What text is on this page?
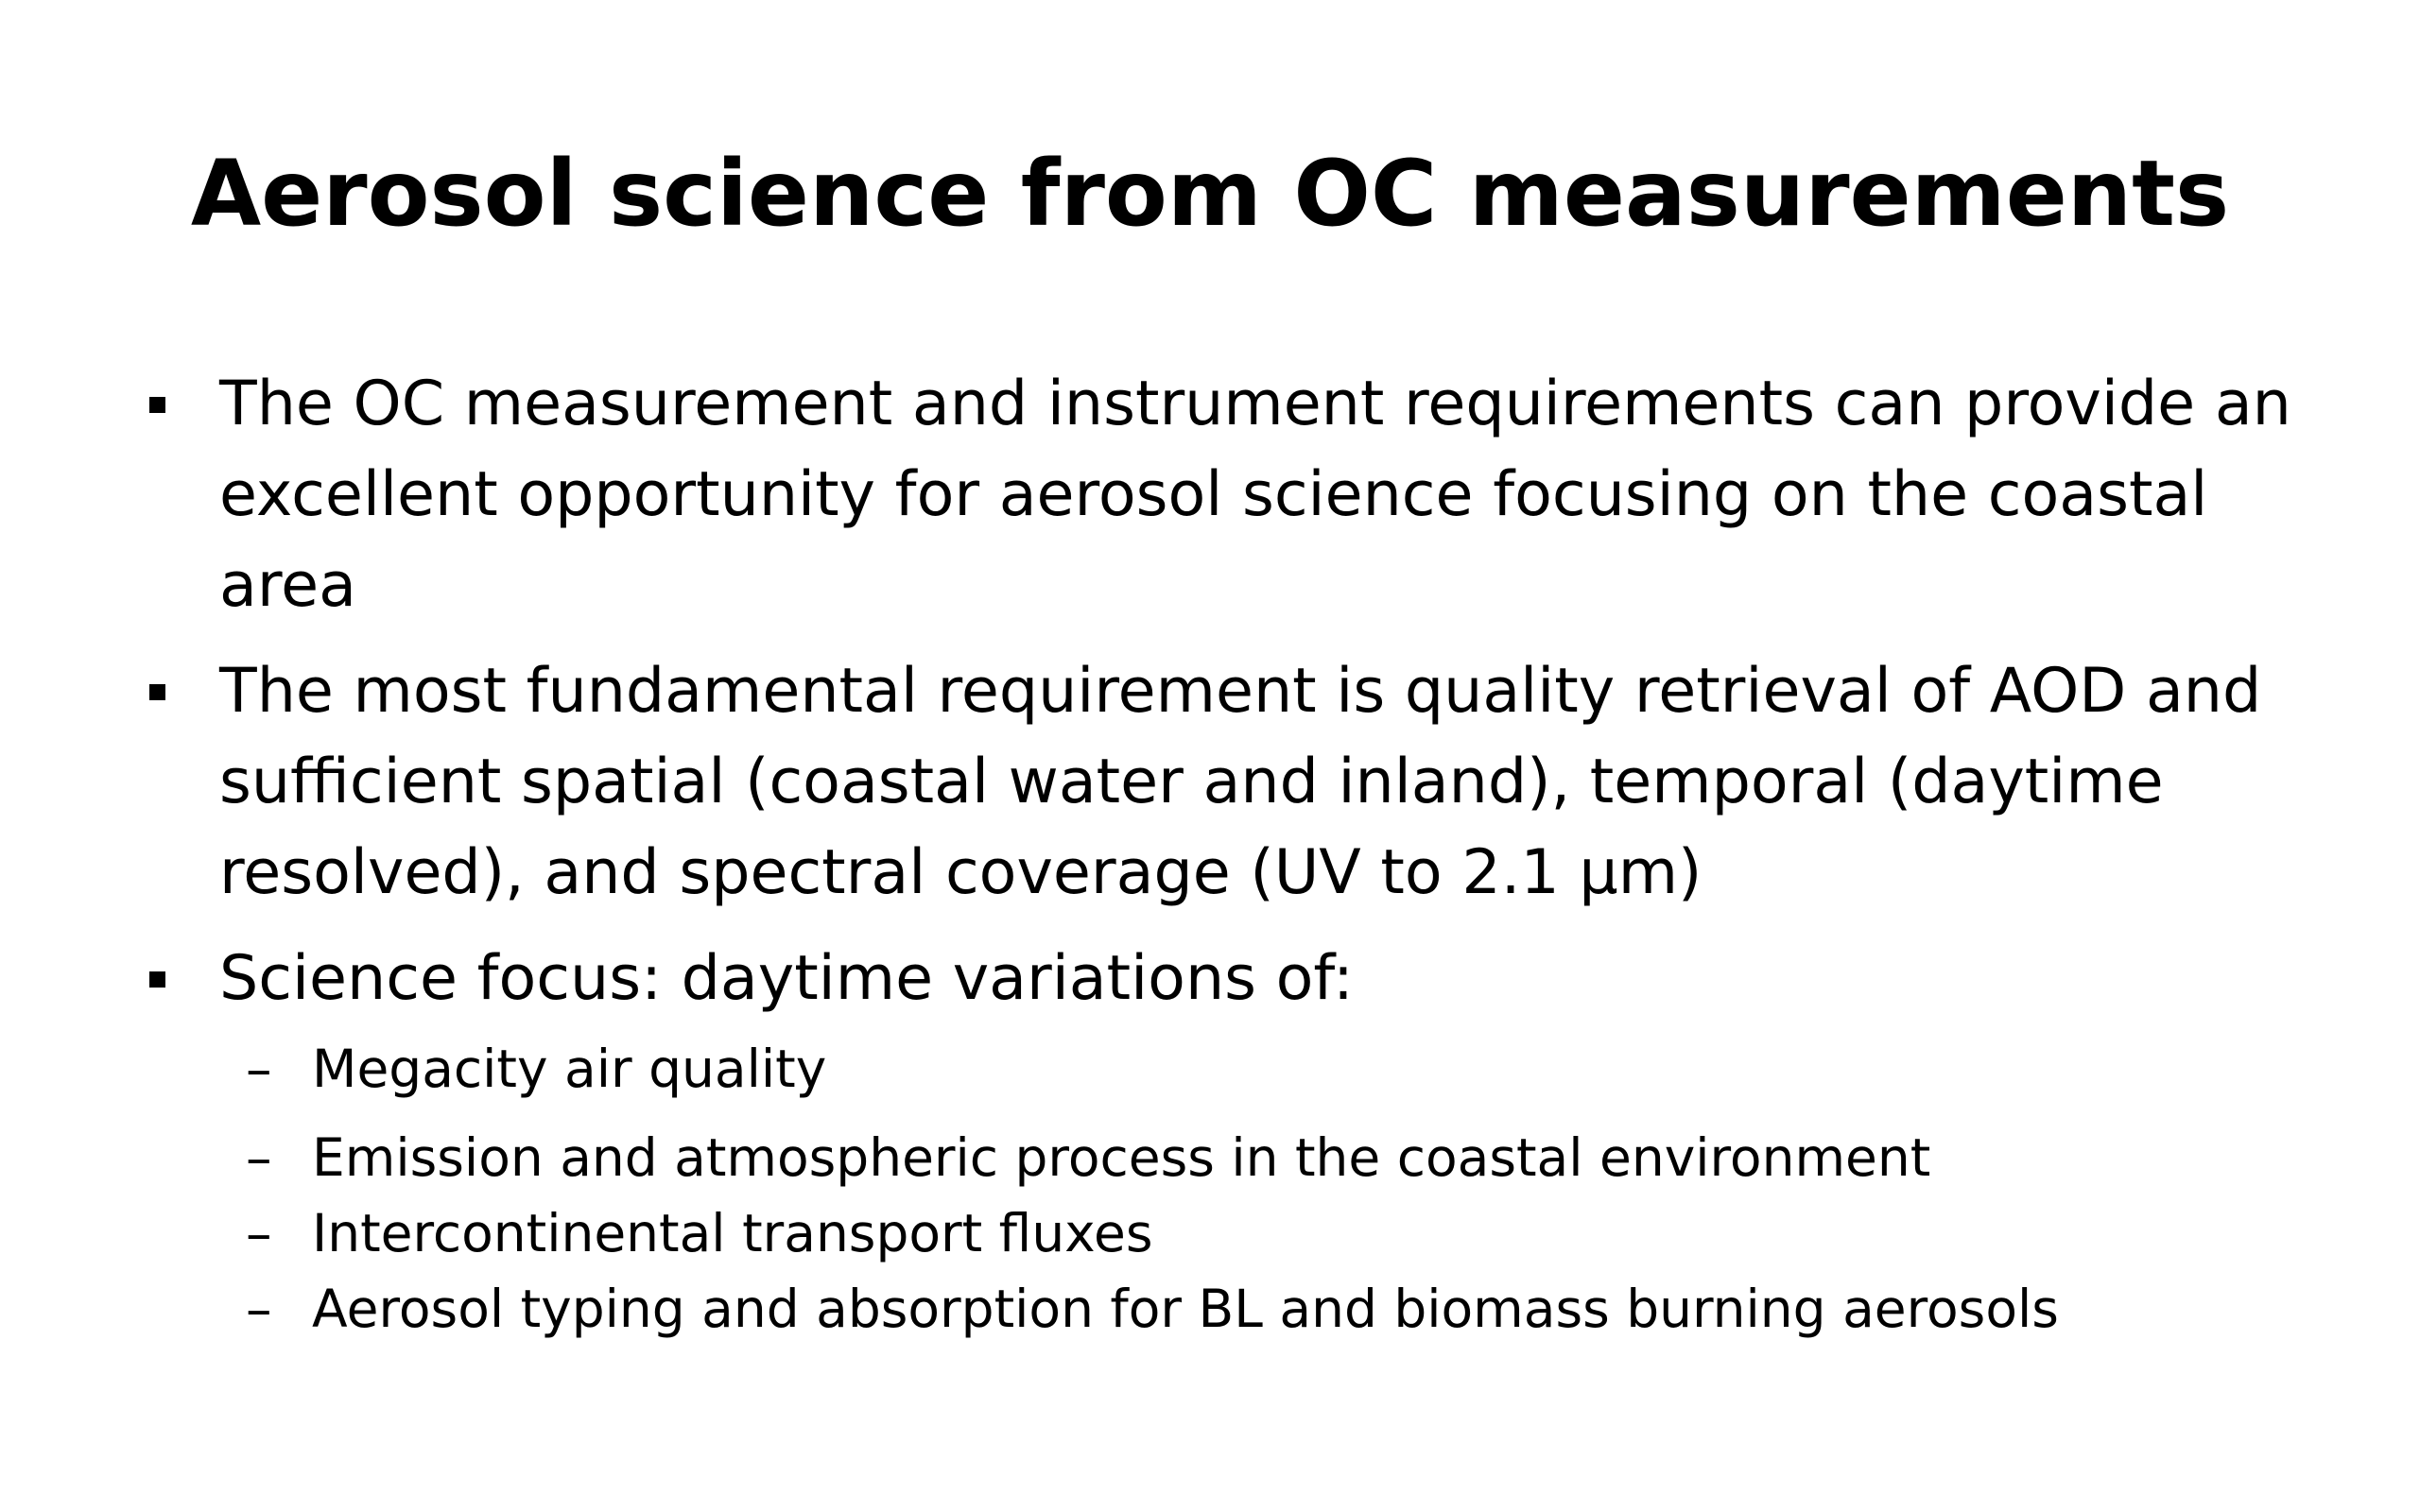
Aerosol science from OC measurements
The OC measurement and instrument requirements can provide an excellent opportunity for aerosol science focusing on the coastal area
The most fundamental requirement is quality retrieval of AOD and sufficient spatial (coastal water and inland), temporal (daytime resolved), and spectral coverage (UV to 2.1 μm)
Science focus: daytime variations of:
– Megacity air quality
– Emission and atmospheric process in the coastal environment
– Intercontinental transport fluxes
– Aerosol typing and absorption for BL and biomass burning aerosols
